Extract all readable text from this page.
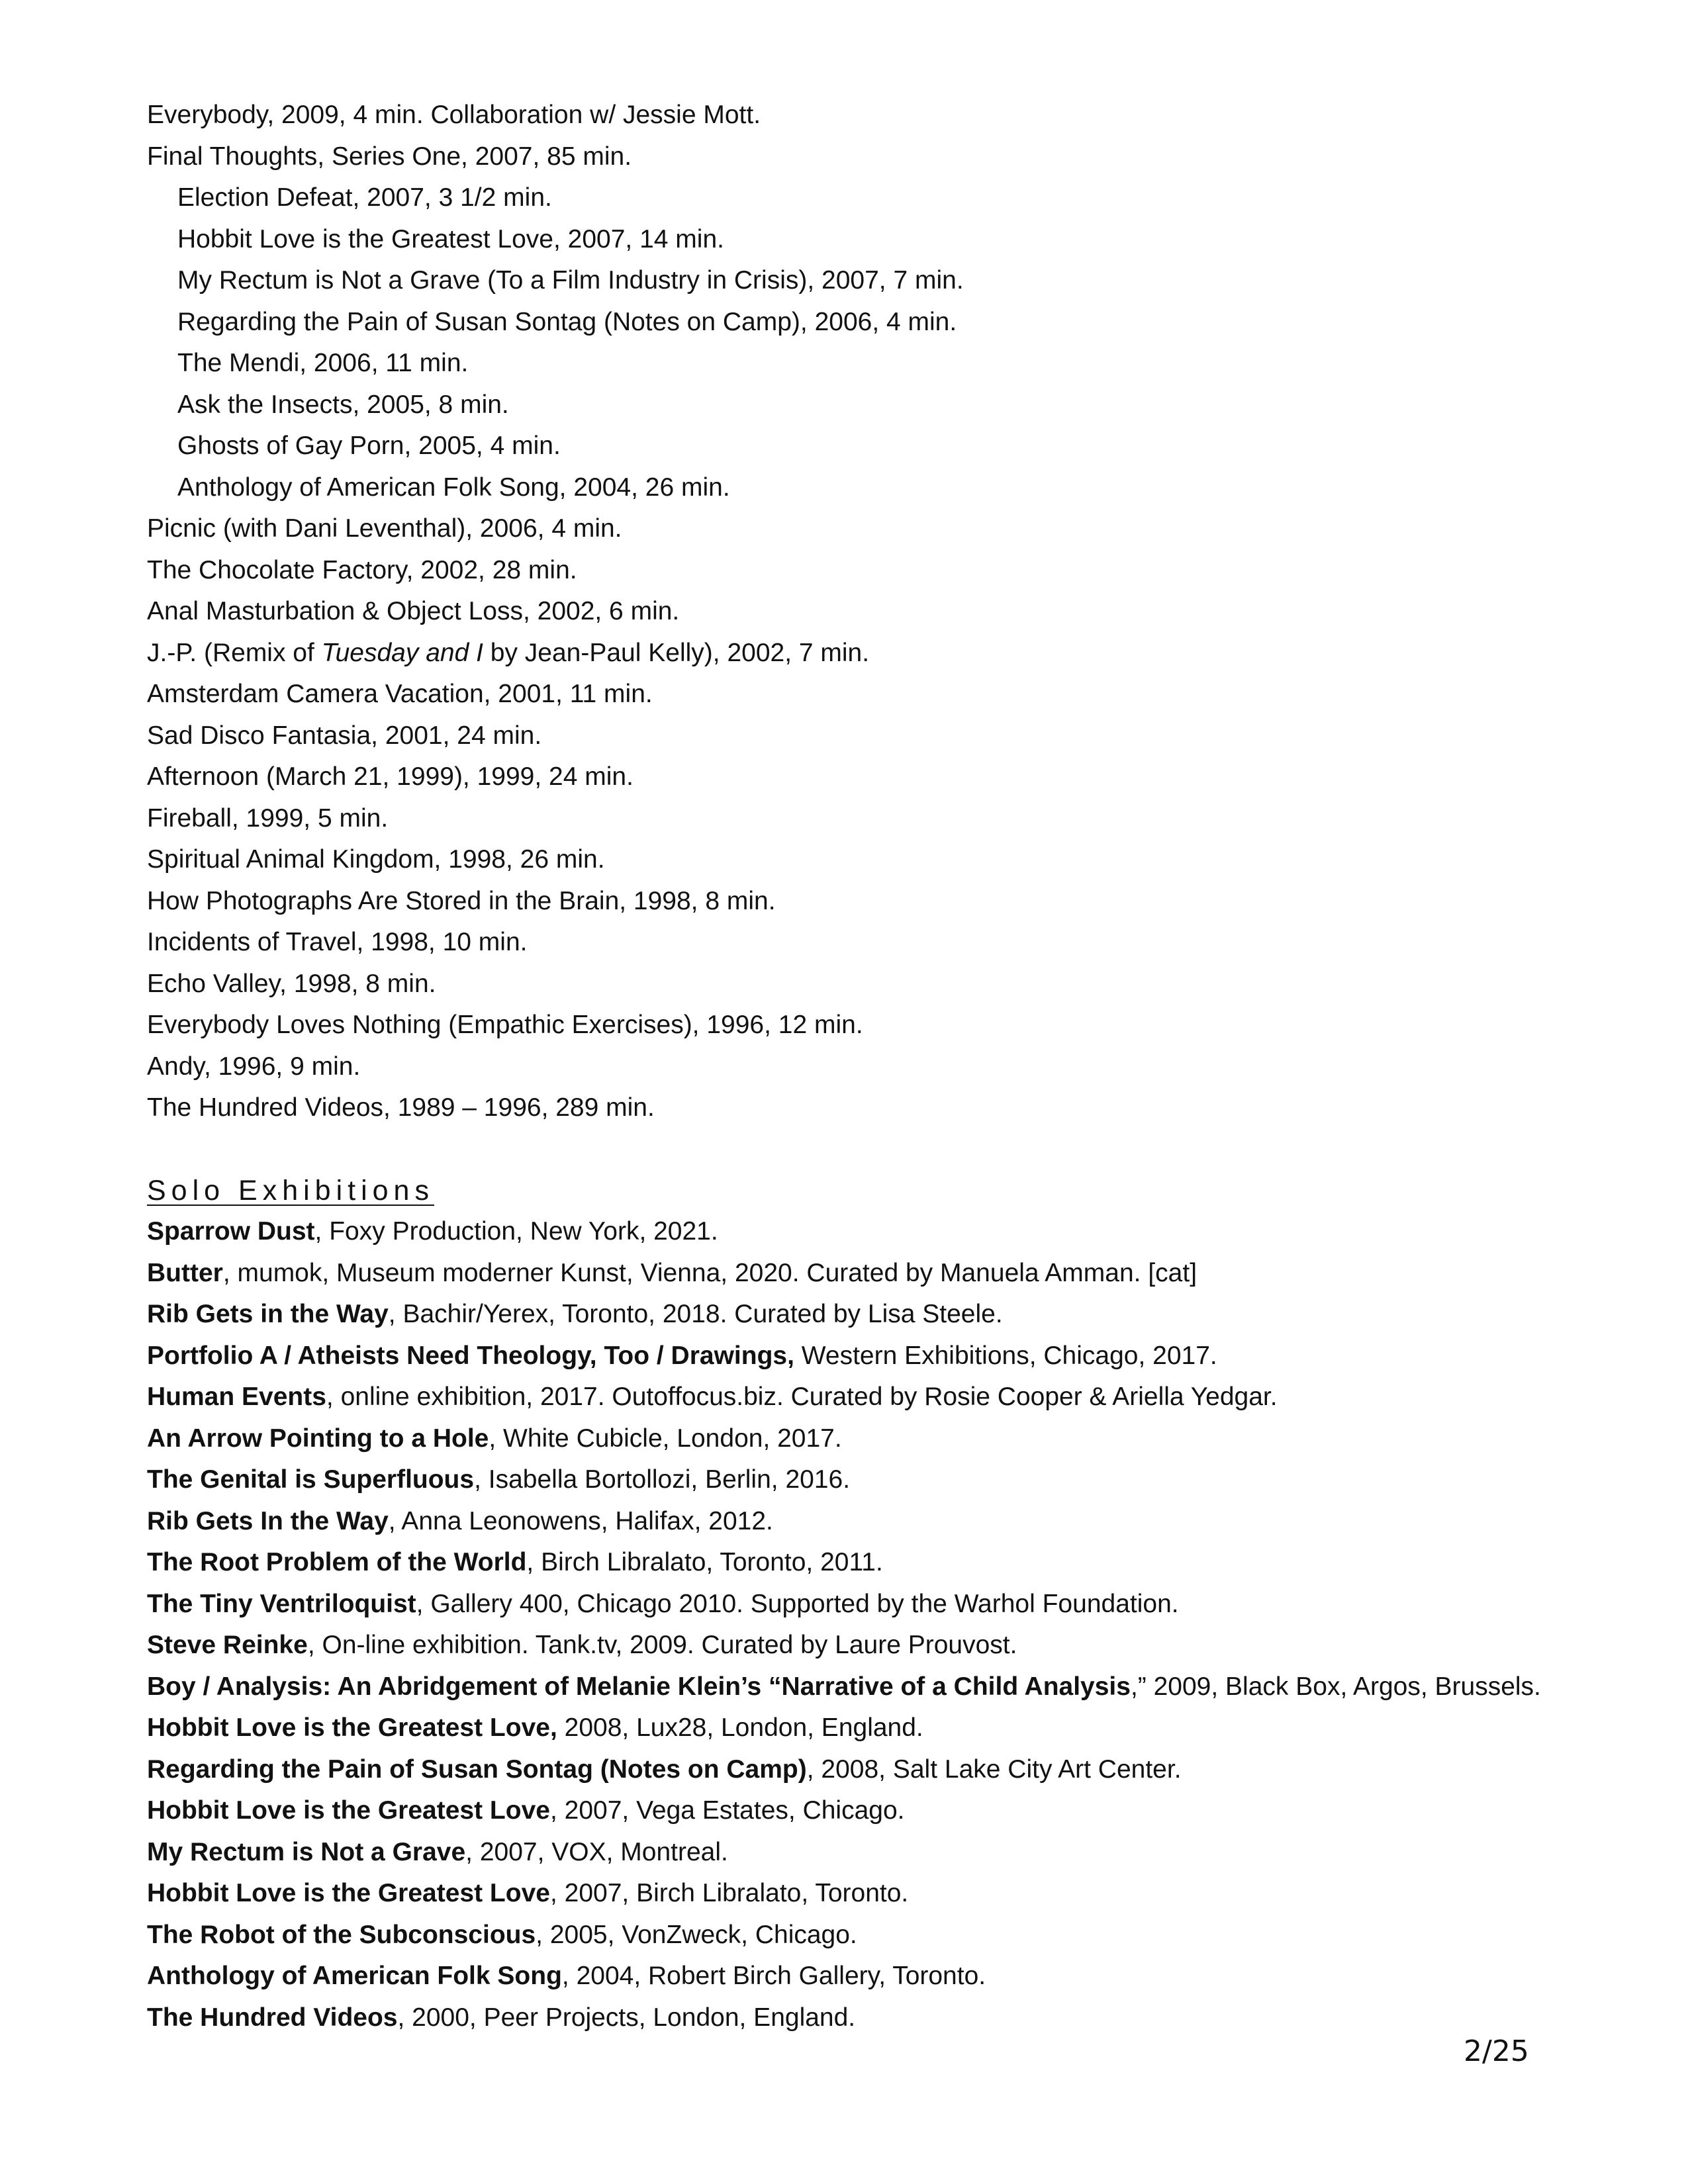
Everybody, 2009, 4 min. Collaboration w/ Jessie Mott.
Final Thoughts, Series One, 2007, 85 min.
Election Defeat, 2007, 3 1/2 min.
Hobbit Love is the Greatest Love, 2007, 14 min.
My Rectum is Not a Grave (To a Film Industry in Crisis), 2007, 7 min.
Regarding the Pain of Susan Sontag (Notes on Camp), 2006, 4 min.
The Mendi, 2006, 11 min.
Ask the Insects, 2005, 8 min.
Ghosts of Gay Porn, 2005, 4 min.
Anthology of American Folk Song, 2004, 26 min.
Picnic (with Dani Leventhal), 2006, 4 min.
The Chocolate Factory, 2002, 28 min.
Anal Masturbation & Object Loss, 2002, 6 min.
J.-P. (Remix of Tuesday and I by Jean-Paul Kelly), 2002, 7 min.
Amsterdam Camera Vacation, 2001, 11 min.
Sad Disco Fantasia, 2001, 24 min.
Afternoon (March 21, 1999), 1999, 24 min.
Fireball, 1999, 5 min.
Spiritual Animal Kingdom, 1998, 26 min.
How Photographs Are Stored in the Brain, 1998, 8 min.
Incidents of Travel, 1998, 10 min.
Echo Valley, 1998, 8 min.
Everybody Loves Nothing (Empathic Exercises), 1996, 12 min.
Andy, 1996, 9 min.
The Hundred Videos, 1989 – 1996, 289 min.
Solo Exhibitions
Sparrow Dust, Foxy Production, New York, 2021.
Butter, mumok, Museum moderner Kunst, Vienna, 2020. Curated by Manuela Amman. [cat]
Rib Gets in the Way, Bachir/Yerex, Toronto, 2018. Curated by Lisa Steele.
Portfolio A / Atheists Need Theology, Too / Drawings, Western Exhibitions, Chicago, 2017.
Human Events, online exhibition, 2017. Outoffocus.biz. Curated by Rosie Cooper & Ariella Yedgar.
An Arrow Pointing to a Hole, White Cubicle, London, 2017.
The Genital is Superfluous, Isabella Bortollozi, Berlin, 2016.
Rib Gets In the Way, Anna Leonowens, Halifax, 2012.
The Root Problem of the World, Birch Libralato, Toronto, 2011.
The Tiny Ventriloquist, Gallery 400, Chicago 2010. Supported by the Warhol Foundation.
Steve Reinke, On-line exhibition. Tank.tv, 2009. Curated by Laure Prouvost.
Boy / Analysis: An Abridgement of Melanie Klein’s “Narrative of a Child Analysis,” 2009, Black Box, Argos, Brussels.
Hobbit Love is the Greatest Love, 2008, Lux28, London, England.
Regarding the Pain of Susan Sontag (Notes on Camp), 2008, Salt Lake City Art Center.
Hobbit Love is the Greatest Love, 2007, Vega Estates, Chicago.
My Rectum is Not a Grave, 2007, VOX, Montreal.
Hobbit Love is the Greatest Love, 2007, Birch Libralato, Toronto.
The Robot of the Subconscious, 2005, VonZweck, Chicago.
Anthology of American Folk Song, 2004, Robert Birch Gallery, Toronto.
The Hundred Videos, 2000, Peer Projects, London, England.
2/25
